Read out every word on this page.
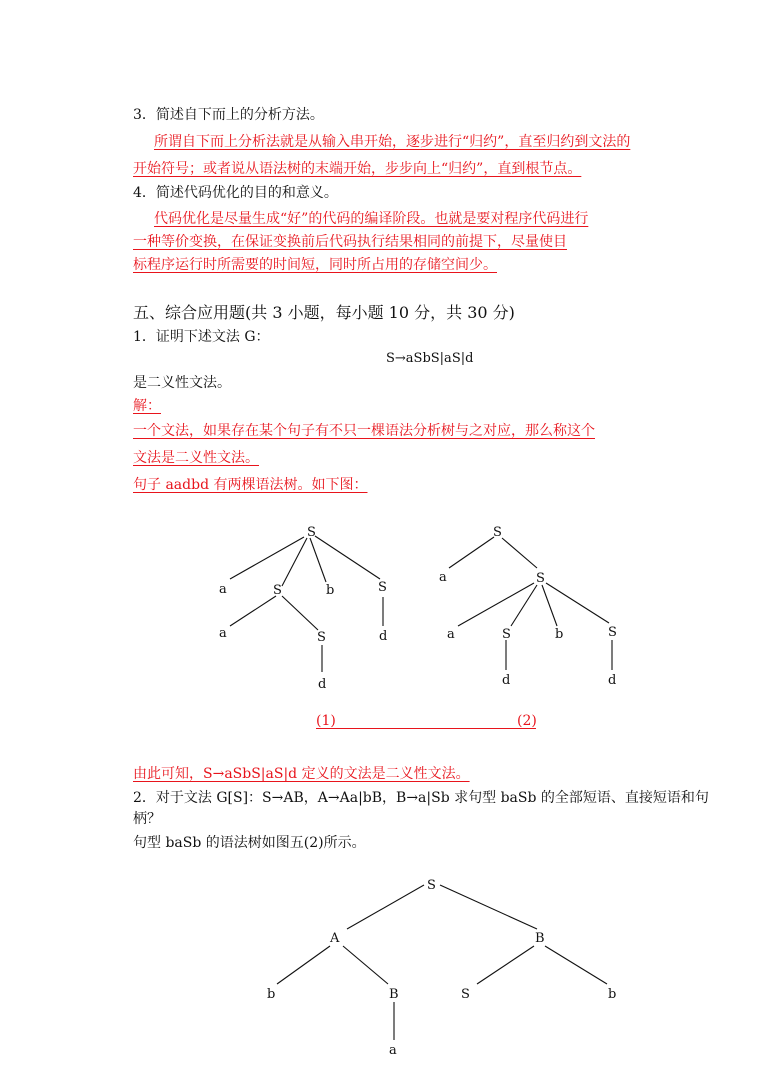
3．简述自下而上的分析方法。
所谓自下而上分析法就是从输入串开始，逐步进行“归约”，直至归约到文法的
开始符号；或者说从语法树的末端开始，步步向上“归约”，直到根节点。
4．简述代码优化的目的和意义。
代码优化是尽量生成“好”的代码的编译阶段。也就是要对程序代码进行
一种等价变换，在保证变换前后代码执行结果相同的前提下，尽量使目
标程序运行时所需要的时间短，同时所占用的存储空间少。
五、综合应用题(共 3 小题，每小题 10 分，共 30 分)
1．证明下述文法 G：
S→aSbS|aS|d
是二义性文法。
解：
一个文法，如果存在某个句子有不只一棵语法分析树与之对应，那么称这个
文法是二义性文法。
句子 aadbd 有两棵语法树。如下图：
S
a	S	b	S
a	S	d
d
S
a	S
a	S	b	S
d	d
(1)	(2)
由此可知，S→aSbS|aS|d 定义的文法是二义性文法。
2．对于文法 G[S]：S→AB，A→Aa|bB，B→a|Sb 求句型 baSb 的全部短语、直接短语和句
柄？
句型 baSb 的语法树如图五(2)所示。
S
A	B
b	B	S	b
a
